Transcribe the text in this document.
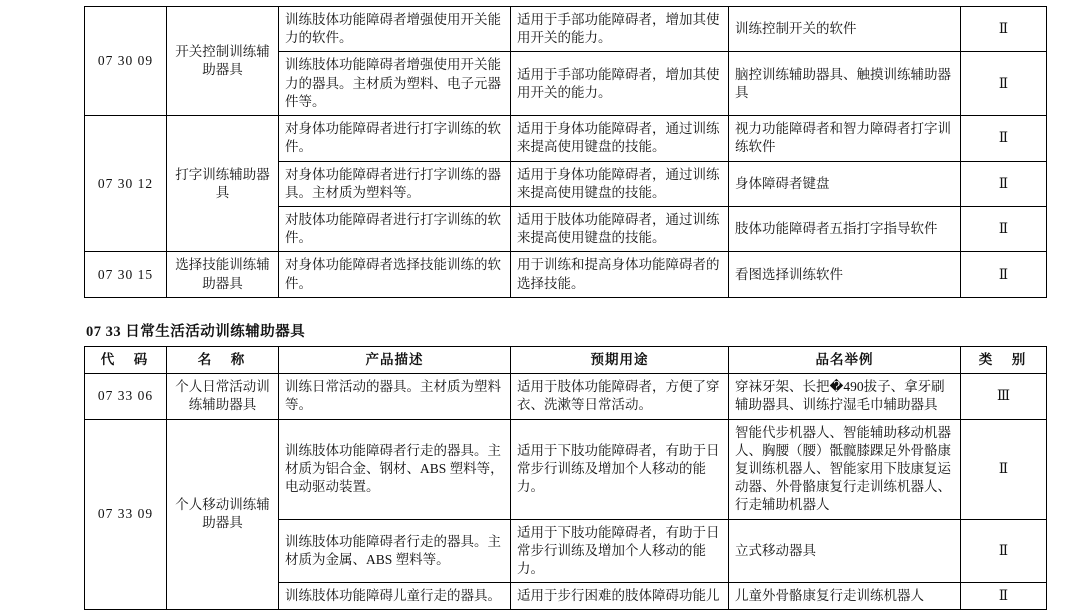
07 30 09	开关控制训练辅助器具	训练肢体功能障碍者增强使用开关能力的软件。	适用于手部功能障碍者，增加其使用开关的能力。	训练控制开关的软件	Ⅱ
		训练肢体功能障碍者增强使用开关能力的器具。主材质为塑料、电子元器件等。	适用于手部功能障碍者，增加其使用开关的能力。	脑控训练辅助器具、触摸训练辅助器具	Ⅱ
07 30 12	打字训练辅助器具	对身体功能障碍者进行打字训练的软件。	适用于身体功能障碍者，通过训练来提高使用键盘的技能。	视力功能障碍者和智力障碍者打字训练软件	Ⅱ
		对身体功能障碍者进行打字训练的器具。主材质为塑料等。	适用于身体功能障碍者，通过训练来提高使用键盘的技能。	身体障碍者键盘	Ⅱ
		对肢体功能障碍者进行打字训练的软件。	适用于肢体功能障碍者，通过训练来提高使用键盘的技能。	肢体功能障碍者五指打字指导软件	Ⅱ
07 30 15	选择技能训练辅助器具	对身体功能障碍者选择技能训练的软件。	用于训练和提高身体功能障碍者的选择技能。	看图选择训练软件	Ⅱ
07 33 日常生活活动训练辅助器具
代　码	名　称	产品描述	预期用途	品名举例	类　别
07 33 06	个人日常活动训练辅助器具	训练日常活动的器具。主材质为塑料等。	适用于肢体功能障碍者，方便了穿衣、洗漱等日常活动。	穿袜牙架、长把�490拔子、拿牙刷辅助器具、训练拧湿毛巾辅助器具	Ⅲ
07 33 09	个人移动训练辅助器具	训练肢体功能障碍者行走的器具。主材质为铝合金、钢材、ABS 塑料等，电动驱动装置。	适用于下肢功能障碍者，有助于日常步行训练及增加个人移动的能力。	智能代步机器人、智能辅助移动机器人、胸腰（腰）骶髋膝踝足外骨骼康复训练机器人、智能家用下肢康复运动器、外骨骼康复行走训练机器人、行走辅助机器人	Ⅱ
		训练肢体功能障碍者行走的器具。主材质为金属、ABS 塑料等。	适用于下肢功能障碍者，有助于日常步行训练及增加个人移动的能力。	立式移动器具	Ⅱ
		训练肢体功能障碍儿童行走的器具。	适用于步行困难的肢体障碍功能儿	儿童外骨骼康复行走训练机器人	Ⅱ
